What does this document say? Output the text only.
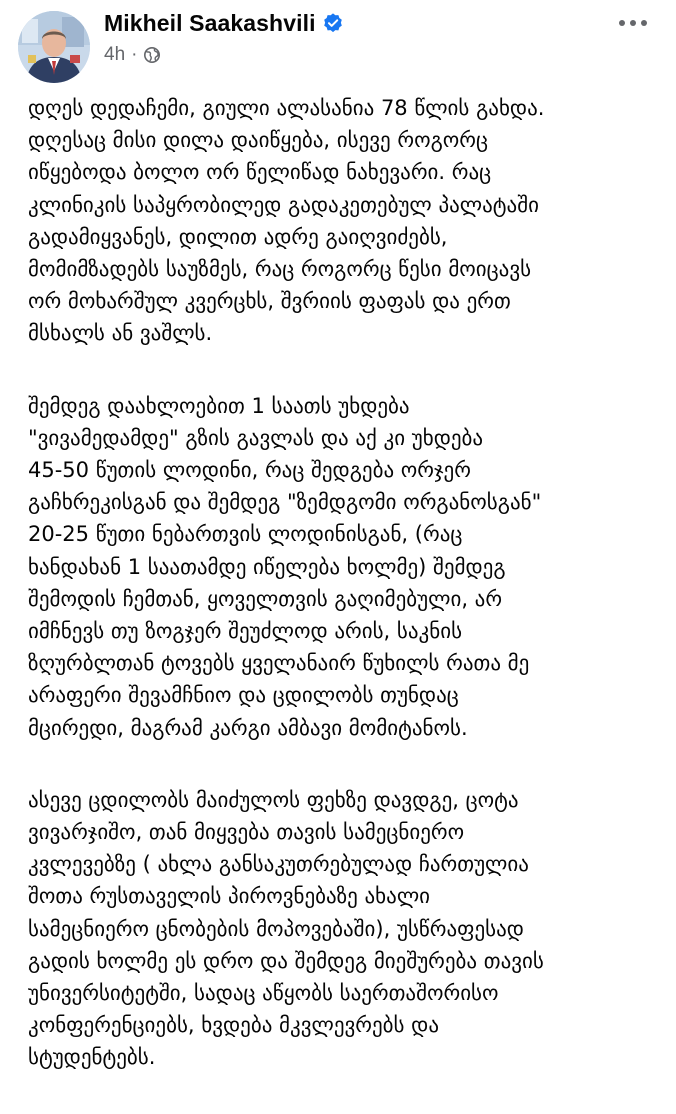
Mikheil Saakashvili
4h ·

დღეს დედაჩემი, გიული ალასანია 78 წლის გახდა.
დღესაც მისი დილა დაიწყება, ისევე როგორც
იწყებოდა ბოლო ორ წელიწად ნახევარი. რაც
კლინიკის საპყრობილედ გადაკეთებულ პალატაში
გადამიყვანეს, დილით ადრე გაიღვიძებს,
მომიმზადებს საუზმეს, რაც როგორც წესი მოიცავს
ორ მოხარშულ კვერცხს, შვრიის ფაფას და ერთ
მსხალს ან ვაშლს.

შემდეგ დაახლოებით 1 საათს უხდება
"ვივამედამდე" გზის გავლას და აქ კი უხდება
45-50 წუთის ლოდინი, რაც შედგება ორჯერ
გაჩხრეკისგან და შემდეგ "ზემდგომი ორგანოსგან"
20-25 წუთი ნებართვის ლოდინისგან, (რაც
ხანდახან 1 საათამდე იწელება ხოლმე) შემდეგ
შემოდის ჩემთან, ყოველთვის გაღიმებული, არ
იმჩნევს თუ ზოგჯერ შეუძლოდ არის, საკნის
ზღურბლთან ტოვებს ყველანაირ წუხილს რათა მე
არაფერი შევამჩნიო და ცდილობს თუნდაც
მცირედი, მაგრამ კარგი ამბავი მომიტანოს.

ასევე ცდილობს მაიძულოს ფეხზე დავდგე, ცოტა
ვივარჯიშო, თან მიყვება თავის სამეცნიერო
კვლევებზე ( ახლა განსაკუთრებულად ჩართულია
შოთა რუსთაველის პიროვნებაზე ახალი
სამეცნიერო ცნობების მოპოვებაში), უსწრაფესად
გადის ხოლმე ეს დრო და შემდეგ მიეშურება თავის
უნივერსიტეტში, სადაც აწყობს საერთაშორისო
კონფერენციებს, ხვდება მკვლევრებს და
სტუდენტებს.
